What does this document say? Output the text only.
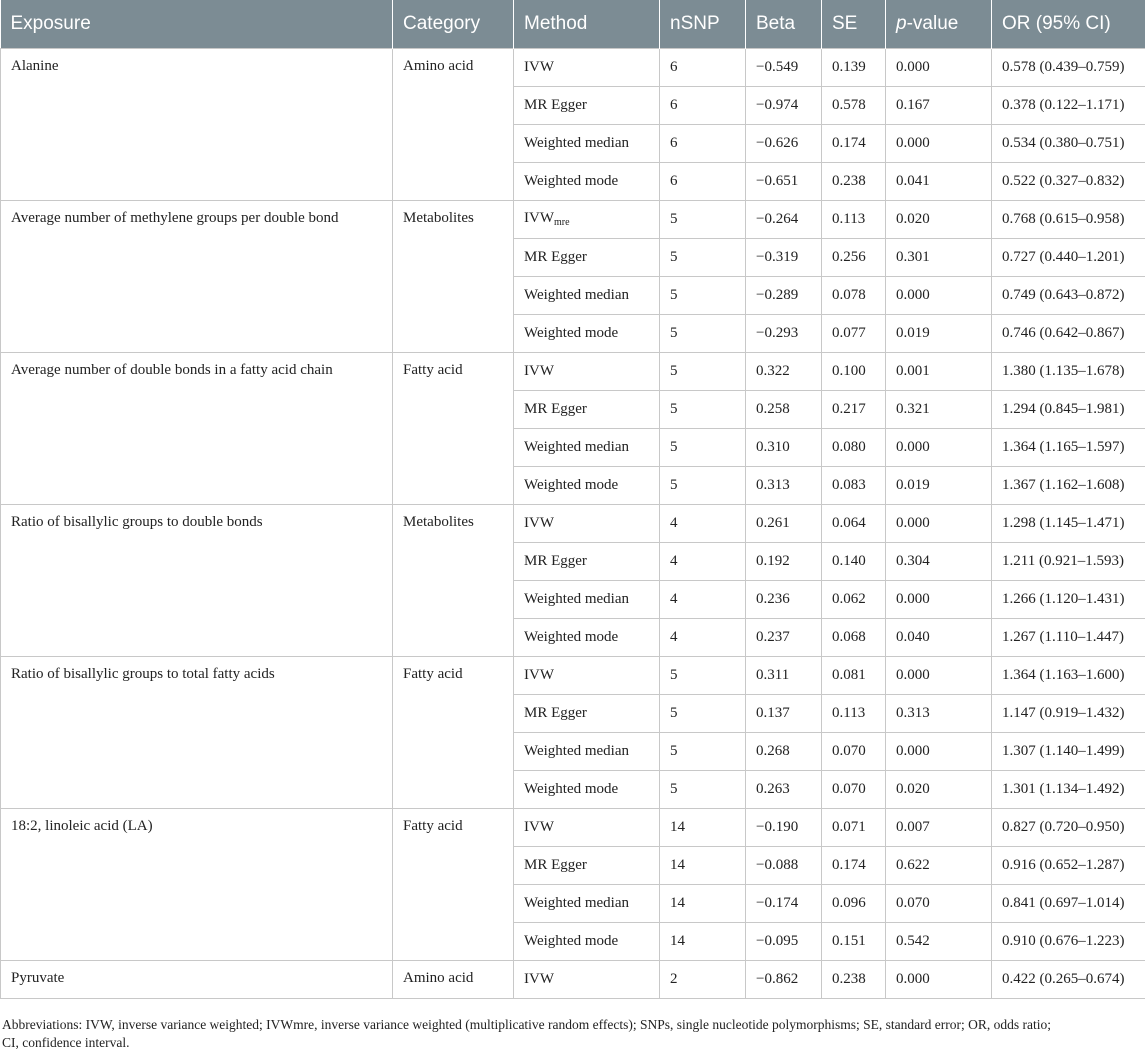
Exposure	Category	Method	nSNP	Beta	SE	p-value	OR (95% CI)
Alanine	Amino acid	IVW	6	−0.549	0.139	0.000	0.578 (0.439–0.759)
		MR Egger	6	−0.974	0.578	0.167	0.378 (0.122–1.171)
		Weighted median	6	−0.626	0.174	0.000	0.534 (0.380–0.751)
		Weighted mode	6	−0.651	0.238	0.041	0.522 (0.327–0.832)
Average number of methylene groups per double bond	Metabolites	$IVW_{mre}$	5	−0.264	0.113	0.020	0.768 (0.615–0.958)
		MR Egger	5	−0.319	0.256	0.301	0.727 (0.440–1.201)
		Weighted median	5	−0.289	0.078	0.000	0.749 (0.643–0.872)
		Weighted mode	5	−0.293	0.077	0.019	0.746 (0.642–0.867)
Average number of double bonds in a fatty acid chain	Fatty acid	IVW	5	0.322	0.100	0.001	1.380 (1.135–1.678)
		MR Egger	5	0.258	0.217	0.321	1.294 (0.845–1.981)
		Weighted median	5	0.310	0.080	0.000	1.364 (1.165–1.597)
		Weighted mode	5	0.313	0.083	0.019	1.367 (1.162–1.608)
Ratio of bisallylic groups to double bonds	Metabolites	IVW	4	0.261	0.064	0.000	1.298 (1.145–1.471)
		MR Egger	4	0.192	0.140	0.304	1.211 (0.921–1.593)
		Weighted median	4	0.236	0.062	0.000	1.266 (1.120–1.431)
		Weighted mode	4	0.237	0.068	0.040	1.267 (1.110–1.447)
Ratio of bisallylic groups to total fatty acids	Fatty acid	IVW	5	0.311	0.081	0.000	1.364 (1.163–1.600)
		MR Egger	5	0.137	0.113	0.313	1.147 (0.919–1.432)
		Weighted median	5	0.268	0.070	0.000	1.307 (1.140–1.499)
		Weighted mode	5	0.263	0.070	0.020	1.301 (1.134–1.492)
18:2, linoleic acid (LA)	Fatty acid	IVW	14	−0.190	0.071	0.007	0.827 (0.720–0.950)
		MR Egger	14	−0.088	0.174	0.622	0.916 (0.652–1.287)
		Weighted median	14	−0.174	0.096	0.070	0.841 (0.697–1.014)
		Weighted mode	14	−0.095	0.151	0.542	0.910 (0.676–1.223)
Pyruvate	Amino acid	IVW	2	−0.862	0.238	0.000	0.422 (0.265–0.674)
Abbreviations: IVW, inverse variance weighted; IVWmre, inverse variance weighted (multiplicative random effects); SNPs, single nucleotide polymorphisms; SE, standard error; OR, odds ratio;
CI, confidence interval.
